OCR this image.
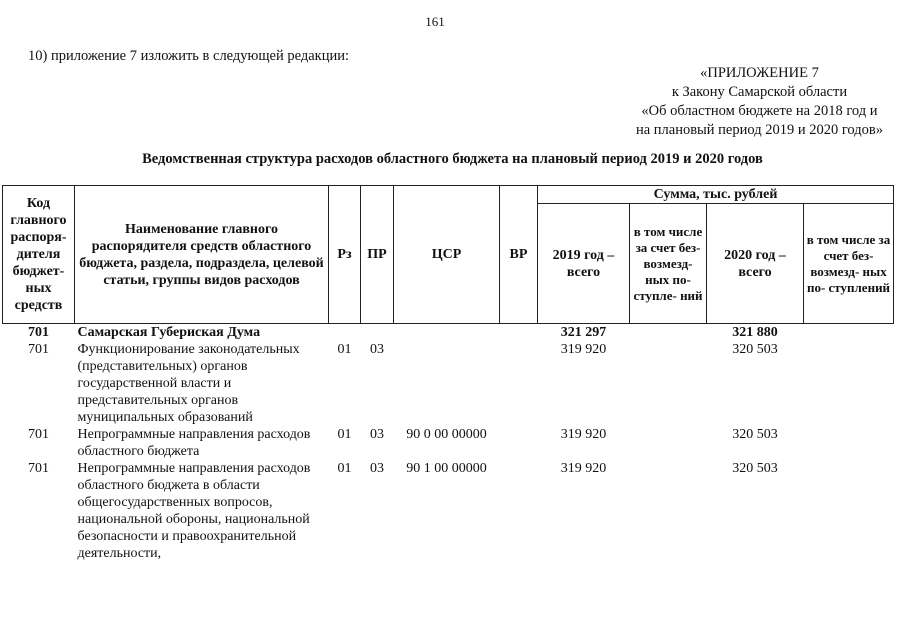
161
10) приложение 7 изложить в следующей редакции:
«ПРИЛОЖЕНИЕ 7
к Закону Самарской области
«Об областном бюджете на 2018 год и
на плановый период 2019 и 2020 годов»
Ведомственная структура расходов областного бюджета на плановый период 2019 и 2020 годов
Код главного распоря- дителя бюджет- ных средств	Наименование главного распорядителя средств областного бюджета, раздела, подраздела, целевой статьи, группы видов расходов	Рз	ПР	ЦСР	ВР	Сумма, тыс. рублей			
						2019 год – всего	в том числе за счет без- возмезд- ных по- ступле- ний	2020 год – всего	в том числе за счет без- возмезд- ных по- ступлений
701	Самарская Губериская Дума					321 297		321 880	
701	Функционирование законодательных (представительных) органов государственной власти и представительных органов муниципальных образований	01	03			319 920		320 503	
701	Непрограммные направления расходов областного бюджета	01	03	90 0 00 00000		319 920		320 503	
701	Непрограммные направления расходов областного бюджета в области общегосударственных вопросов, национальной обороны, национальной безопасности и правоохранительной деятельности,	01	03	90 1 00 00000		319 920		320 503	
